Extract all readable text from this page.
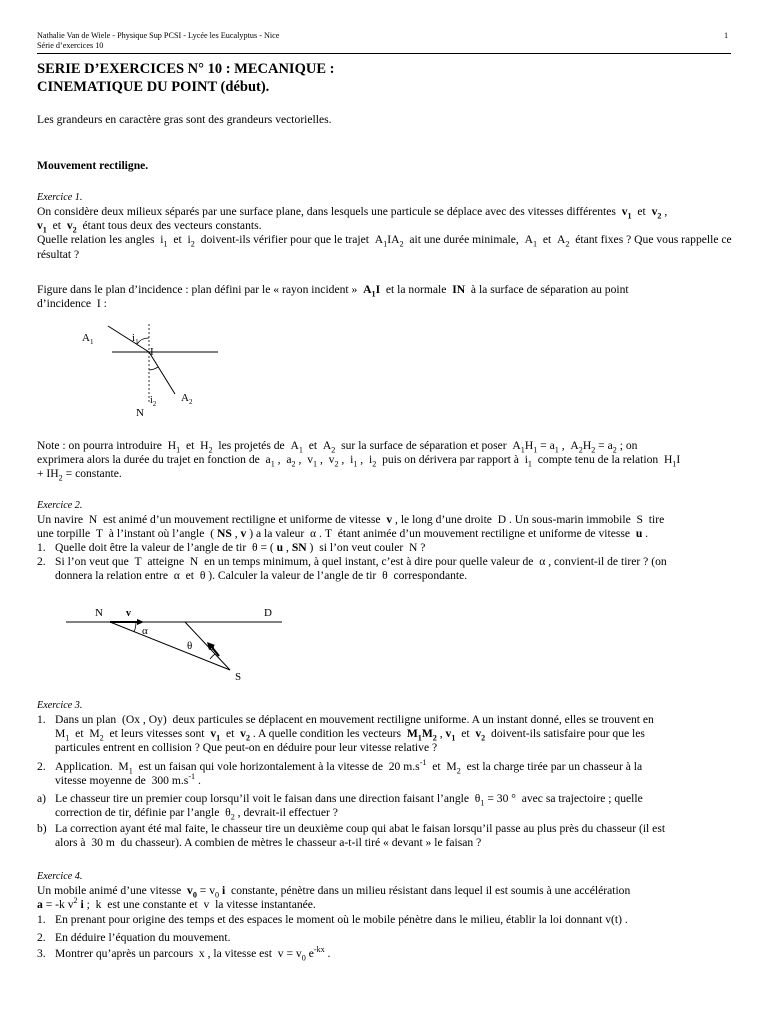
Nathalie Van de Wiele - Physique Sup PCSI - Lycée les Eucalyptus - Nice
Série d’exercices 10
1
SERIE D’EXERCICES N° 10 : MECANIQUE :
CINEMATIQUE DU POINT (début).
Les grandeurs en caractère gras sont des grandeurs vectorielles.
Mouvement rectiligne.
Exercice 1.
On considère deux milieux séparés par une surface plane, dans lesquels une particule se déplace avec des vitesses différentes  $v_1$  et  $v_2$ ,
$v_1$  et  $v_2$  étant tous deux des vecteurs constants.
Quelle relation les angles  $i_1$  et  $i_2$  doivent-ils vérifier pour que le trajet  $A_1IA_2$  ait une durée minimale,  $A_1$  et  $A_2$  étant fixes ? Que vous rappelle ce résultat ?
Figure dans le plan d’incidence : plan défini par le « rayon incident »  $A_1I$  et la normale  IN  à la surface de séparation au point
d’incidence  I :
$A_1$	$i_1$
I
$i_2$ $A_2$
N
Note : on pourra introduire  $H_1$  et  $H_2$  les projetés de  $A_1$  et  $A_2$  sur la surface de séparation et poser  $A_1H_1 = a_1$ ,  $A_2H_2 = a_2$ ; on
exprimera alors la durée du trajet en fonction de  $a_1$ ,  $a_2$ ,  $v_1$ ,  $v_2$ ,  $i_1$ ,  $i_2$  puis on dérivera par rapport à  $i_1$  compte tenu de la relation  $H_1I$
+ $IH_2$ = constante.
Exercice 2.
Un navire  N  est animé d’un mouvement rectiligne et uniforme de vitesse  v , le long d’une droite  D . Un sous-marin immobile  S  tire
une torpille  T  à l’instant où l’angle  ( NS , v ) a la valeur  α . T  étant animée d’un mouvement rectiligne et uniforme de vitesse  u .
1. Quelle doit être la valeur de l’angle de tir  θ = ( u , SN )  si l’on veut couler  N ?
2. Si l’on veut que  T  atteigne  N  en un temps minimum, à quel instant, c’est à dire pour quelle valeur de  α , convient-il de tirer ? (on
donnera la relation entre  α  et  θ ). Calculer la valeur de l’angle de tir  θ  correspondante.
N v	D
α
θ u
S
Exercice 3.
1. Dans un plan  (Ox , Oy)  deux particules se déplacent en mouvement rectiligne uniforme. A un instant donné, elles se trouvent en
$M_1$  et  $M_2$  et leurs vitesses sont  $v_1$  et  $v_2$ . A quelle condition les vecteurs  $M_1M_2$ , $v_1$  et  $v_2$  doivent-ils satisfaire pour que les
particules entrent en collision ? Que peut-on en déduire pour leur vitesse relative ?
2. Application.  $M_1$  est un faisan qui vole horizontalement à la vitesse de  20 $m.s^{-1}$  et  $M_2$  est la charge tirée par un chasseur à la
vitesse moyenne de  300 $m.s^{-1}$ .
a) Le chasseur tire un premier coup lorsqu’il voit le faisan dans une direction faisant l’angle  $\theta_1 = 30$ °  avec sa trajectoire ; quelle
correction de tir, définie par l’angle  $\theta_2$ , devrait-il effectuer ?
b) La correction ayant été mal faite, le chasseur tire un deuxième coup qui abat le faisan lorsqu’il passe au plus près du chasseur (il est
alors à  30 m  du chasseur). A combien de mètres le chasseur a-t-il tiré « devant » le faisan ?
Exercice 4.
Un mobile animé d’une vitesse  $v_0 = v_0$ i  constante, pénètre dans un milieu résistant dans lequel il est soumis à une accélération
a = -k $v^2$ i ;  k  est une constante et  v  la vitesse instantanée.
1. En prenant pour origine des temps et des espaces le moment où le mobile pénètre dans le milieu, établir la loi donnant v(t) .
2. En déduire l’équation du mouvement.
3. Montrer qu’après un parcours  x , la vitesse est  $v = v_0$ $e^{-kx}$ .
